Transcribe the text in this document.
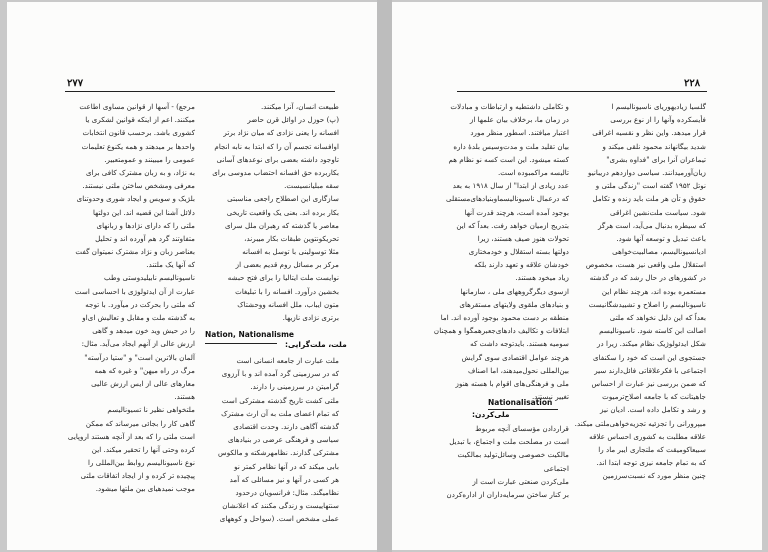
۲۷۷

طبیعت انسان، آنرا میکنند.

(پ) حوزل در اوائل قرن حاضر

افسانه را یعنی نژادی که میان نژاد برتر

اوافسانه تجسم آن را که ابتدا به نابه انجام

تاوجود داشته بعضی برای نوعدهای آسانی

بکاربرده حق افسانه احتضاب مدوسی برای

سقه مبلیانسیست.

سازگاری این اصطلاح راجعی مناسبتی

بکار برده اند. بعنی یک واقعیت تاریخی

معاصر یا گذشته که رهبران ملل سرای

تحریکونتوین طبقات بکار میبرند،

مثلا توسولینی با توسل به افسانه

مرکز بر مسائل روم قدیم بعضی از

نوایست ملت ایتالیا را برای فتح حبشه

بخشین درآورد. افسانه را با تبلیغات

متون ایباب، ملل افسانه ووحشتاک

برتری نژادی نازیها.

مرجع) - آسها از قوانین مساوی اطاعت

میکنند. اعم از اینکه قوانین لشکری یا

کشوری باشد. برحسب قانون انتخابات

واحدها بر میدهند و همه یکنوع تعلیمات

عمومی را میبینند و عمومتعبیر.

به نژاد، و به زبان مشترک کافی برای

معرفی ومشخص ساختن ملتی نیستند.

بلژیک و سویس و ایجاد شوری وحدوتنای

دلائل آشنا این قضیه اند. این دولتها

ملتی را که دارای نژادها و زبانهای

متفاوتند گرد هم آورده اند و تحلیل

بعناصر زبان و نژاد مشترک نمیتوان گفت

که آنها یک ملتند.

ناسیونالیسم نابیلیدوستی وطب

عبارت از آن ایدئولوژی با احساسی است

که ملتی را بحرکت در میآورد. با توجه

به گذشته ملت و مقابل و تعالیش ای‌او

را در حیش وید خون میدهد و گاهی

ارزش عالی از آنهم ایجاد می‌آید. مثال:

آلمان بالاترین است" و "ستیا درآسته"

مرگ در راه میهن" و غیره که همه

معارهای عالی از ایس ارزش عالیی

هستند.

ملتخواهی نظیر نا تسیونالیسم

گاهی کار را بجائی میرساند که ممکن

است ملتی را که بعد از آنچه هستند اروپایی

کرده وحتی آنها را تحقیر میکند. این

نوع ناسیونالیسم روابط بین‌المللی را

پیچیده تر کرده و از ایجاد اتفاقات ملتی

موجب نمیدهیای بین ملتها میشود.

Nation, Nationalisme
ملت، ملت‌گرایی:

ملت عبارت از جامعه انسانی است

که در سرزمینی گرد آمده اند و با آرزوی

گرامیتن در سرزمینی را دارند.

ملتی کشت تاریخ گذشته مشترکی است

که تمام اعضای ملت به آن ارث مشترک

گذشته آگاهی دارند. وحدت اقتصادی

سیاسی و فرهنگی عرضی در بنیادهای

مشترکی گذارند. نظامهرشکته و مالکوس

بابی میکند که در آنها نظامر کمتر نو

هر کسی در آنها و نیز مسائلی که آمد

نظامیگند. مثال: فرانسویان درحدود

سنتهاییست و زندگی مکنند که اعلانشان

عملی مشخص است. (سواحل و کوههای

۲۲۸

گلسیا زیادیهوریای ناسیونالیسم ا

فأیسکرده وآنها را از نوع بررسی

قرار میدهد. واین نظر و نقسیه اغراقی

شدید بیگانهاند محمود نلقی میکند و

تیماعران آنرا برای "فداوه بشری"

زیان‌آورمیدانند. سیاسی دوازدهم دریبانیو

نوتل ۱۹۵۲ گفته است "زندگی ملتی و

حقوق و تأن هر ملت باید زنده و تکامل

شود. سیاست ملت‌نشین اغراقی

که سیطره بدنبال می‌آید، است هرگز

باعث تبدیل و توسعه آنها شود.

ادیانسیونالیسم، مصالبیت‌خواهی

استقلال ملی واقعی نیز هست، مخصوص

در کشورهای در حال رشد که در گذشته

مستعمره بوده اند، هرچند نظام این

ناسیونالیسم را اصلاح و تشییدشگانیست

بعداً که این دلیل نخواهد که ملتی

اصالت ابن کاسته شود. ناسیونالیسم

شکل ایدئولوژیک نظام میکند. زیرا در

جستجوی این است که خود را سکنفای

اجتماعی با فکرعلاقاتی فائل‌دارند سیر

که ضمن بررسی نیز عبارت از احساس

جاهیتانت که با جامعه اصلاح‌ترمیوت

و رشد و تکامل داده است. ادیان نیز

میپرورانی را تجزئیه تجزیه‌خواهی‌ملتی میکند.

علاقه مطلبت به کشوری احساس علاقه

سبیعاکومیقت که ملتجاری ایبر ماد را

که به تمام جامعه نیزی توجه ابتدا اند.

چنین منظر مورد که نسبت‌سرزمین

و تکاملی داشتطیه و ارتباطات و مبادلات

در زمان ما، برخلاف بیان علمها از

اعتبار میافتند. اسطور منظر مورد

بیان تقلید ملت و مدت‌وسیس بلدهٔ داره

کسته میشود. این است کسه نو نظام هم

تالیسه مراکمبوده است.

عدد زیادی از ابتدا" از سال ۱۹۱۸ به بعد

که درعمال ناسیونالیسماوبنیادهای‌مستقلی‌

بوجود آمده است، هرچند قدرت آنها

بتدریج ازمیان خواهد رفت. بعداً که این

تحولات هنوز صیف هستند، زیرا

دولتها بسته استقلال و خودمختاری

خودشان علاقه و تعهد دارند بلکه

زیاد میخود هستند.

ازسوی دیگرگروههای ملی ، سازمانها

و بنیادهای ملقوی ولایتهای مستقرهای

منطقه بر دست محمود بوجود آورده اند. اما

ابتلافات و تکالیف دادهای‌جعبرهمگوا و همچنان

سومیه هستند. بایدتوجه داشت که

هرچند عوامل اقتصادی سوی گرایش

بین‌المللی نحول‌میدهند، اما اصناف

ملی و فرهنگی‌های اقوام با هسته هنوز

تغییر نیستند.

Nationalisation
ملی‌کردن:

قراردادن مؤسسای آنچه مربوط

است در مصلحت ملت و اجتماع، با تبدیل

مالکیت خصوصی وسائل‌تولید بمالکیت

اجتماعی

ملی‌کردن صنعتی عبارت است از

بر کنار ساختن سرمایه‌داران از اداره‌کردن
